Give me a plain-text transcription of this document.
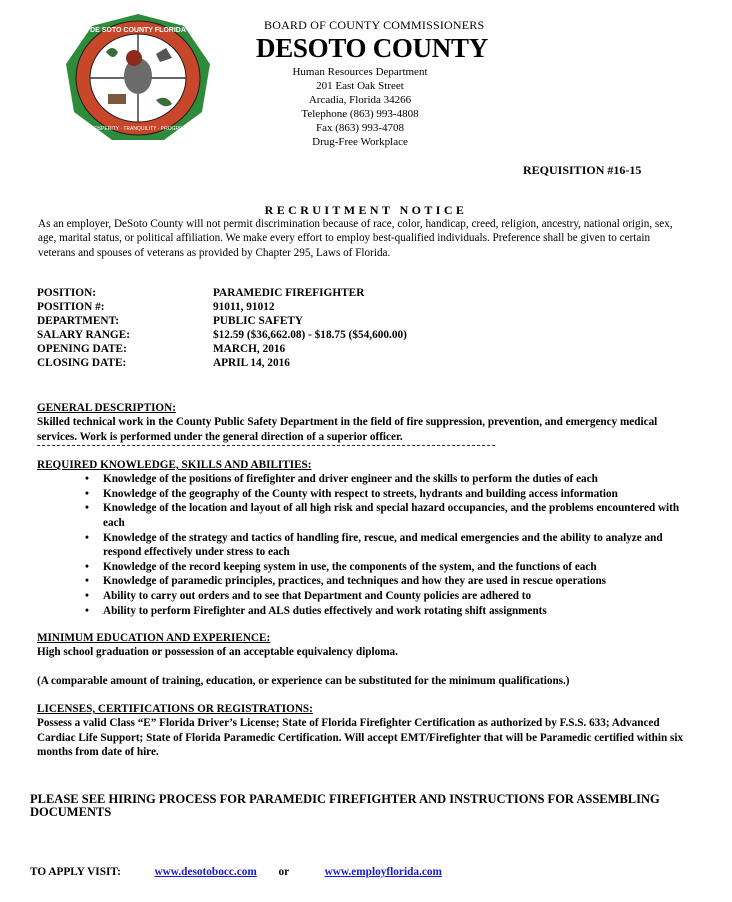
DE SOTO COUNTY FLORIDA
PROSPERITY · TRANQUILITY · PROGRESS
BOARD OF COUNTY COMMISSIONERS
DESOTO COUNTY
Human Resources Department
201 East Oak Street
Arcadia, Florida 34266
Telephone (863) 993-4808
Fax (863) 993-4708
Drug-Free Workplace
REQUISITION #16-15
RECRUITMENT NOTICE
As an employer, DeSoto County will not permit discrimination because of race, color, handicap, creed, religion, ancestry, national origin, sex, age, marital status, or political affiliation. We make every effort to employ best-qualified individuals. Preference shall be given to certain veterans and spouses of veterans as provided by Chapter 295, Laws of Florida.
POSITION:	PARAMEDIC FIREFIGHTER
POSITION #:	91011, 91012
DEPARTMENT:	PUBLIC SAFETY
SALARY RANGE:	$12.59 ($36,662.08) - $18.75 ($54,600.00)
OPENING DATE:	MARCH, 2016
CLOSING DATE:	APRIL 14, 2016
GENERAL DESCRIPTION:
Skilled technical work in the County Public Safety Department in the field of fire suppression, prevention, and emergency medical services. Work is performed under the general direction of a superior officer.
REQUIRED KNOWLEDGE, SKILLS AND ABILITIES:
• Knowledge of the positions of firefighter and driver engineer and the skills to perform the duties of each
• Knowledge of the geography of the County with respect to streets, hydrants and building access information
• Knowledge of the location and layout of all high risk and special hazard occupancies, and the problems encountered with each
• Knowledge of the strategy and tactics of handling fire, rescue, and medical emergencies and the ability to analyze and respond effectively under stress to each
• Knowledge of the record keeping system in use, the components of the system, and the functions of each
• Knowledge of paramedic principles, practices, and techniques and how they are used in rescue operations
• Ability to carry out orders and to see that Department and County policies are adhered to
• Ability to perform Firefighter and ALS duties effectively and work rotating shift assignments
MINIMUM EDUCATION AND EXPERIENCE:
High school graduation or possession of an acceptable equivalency diploma.
(A comparable amount of training, education, or experience can be substituted for the minimum qualifications.)
LICENSES, CERTIFICATIONS OR REGISTRATIONS:
Possess a valid Class “E” Florida Driver’s License; State of Florida Firefighter Certification as authorized by F.S.S. 633; Advanced Cardiac Life Support; State of Florida Paramedic Certification. Will accept EMT/Firefighter that will be Paramedic certified within six months from date of hire.
PLEASE SEE HIRING PROCESS FOR PARAMEDIC FIREFIGHTER AND INSTRUCTIONS FOR ASSEMBLING DOCUMENTS
TO APPLY VISIT:	www.desotobocc.com or	www.employflorida.com
